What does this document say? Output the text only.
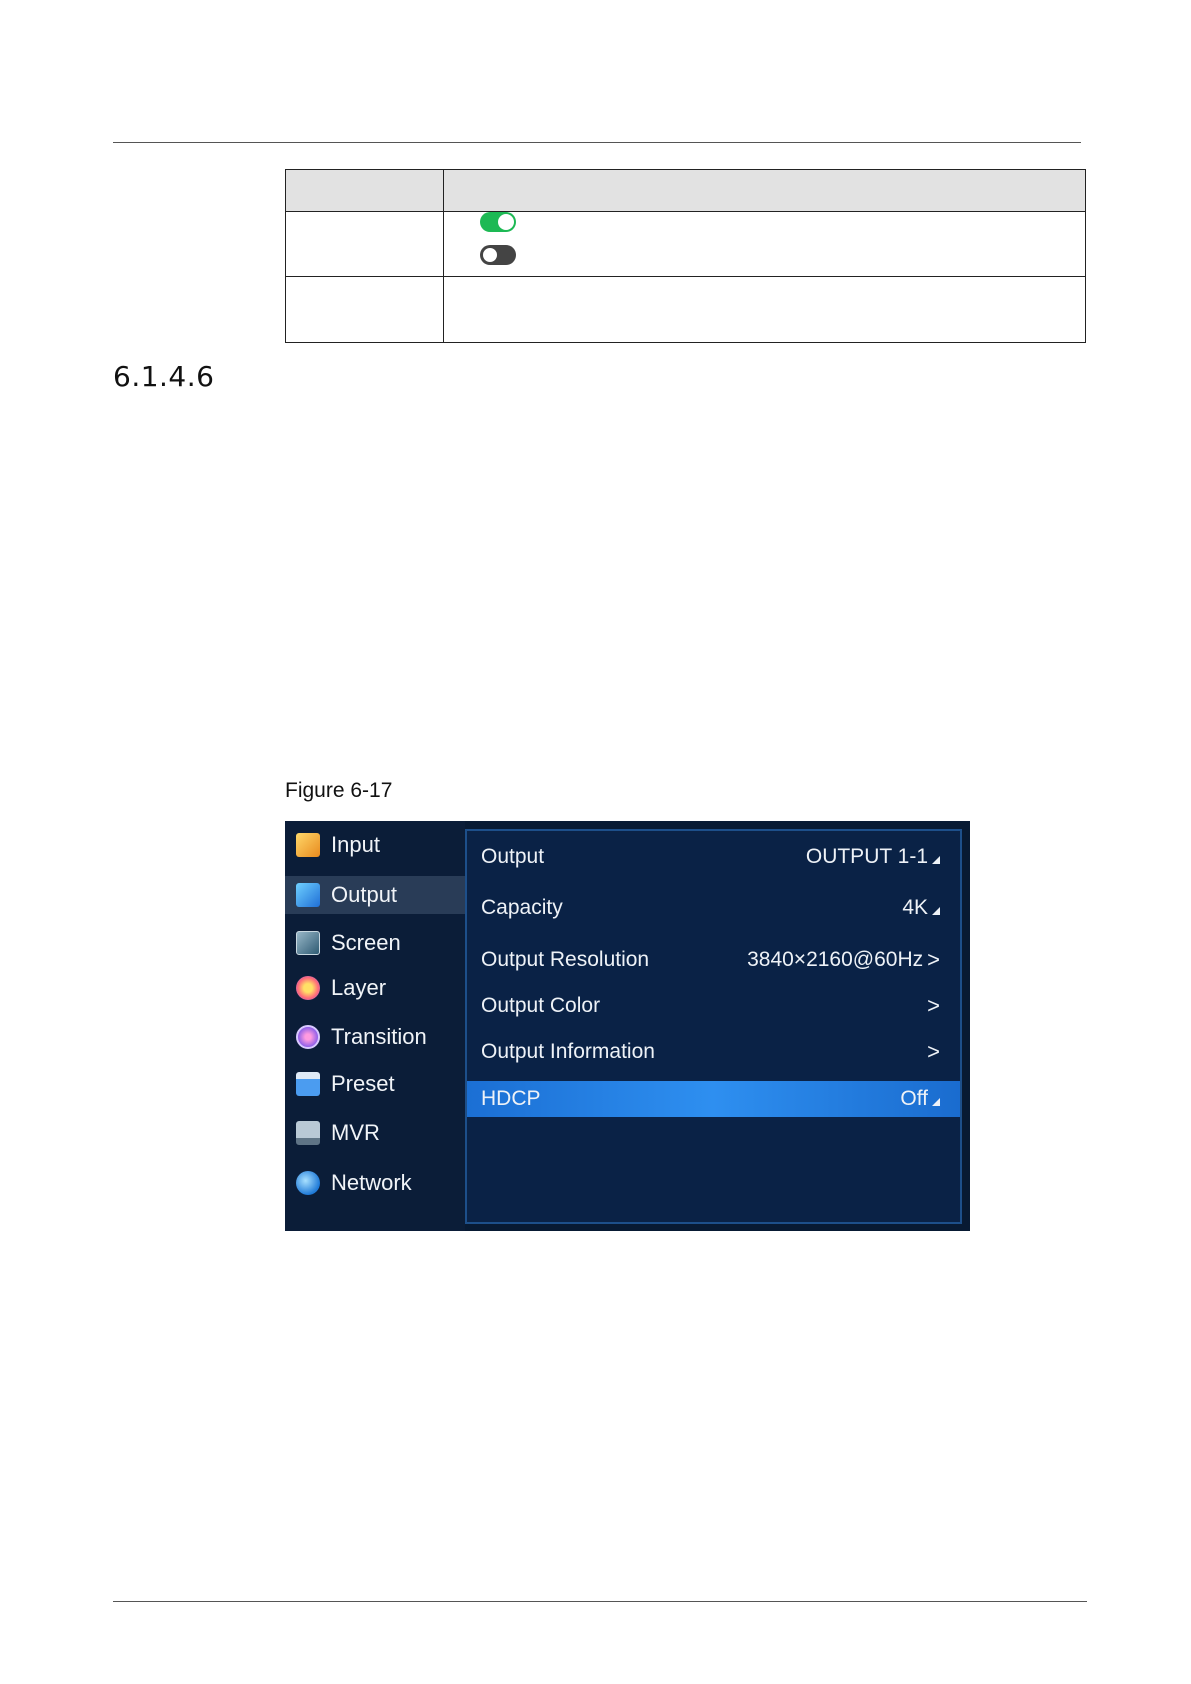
6.1.4.6
Figure 6-17
Input
Output
Screen
Layer
Transition
Preset
MVR
Network
Output	OUTPUT 1-1
Capacity	4K
Output Resolution	3840×2160@60Hz >
Output Color	>
Output Information	>
HDCP	Off
